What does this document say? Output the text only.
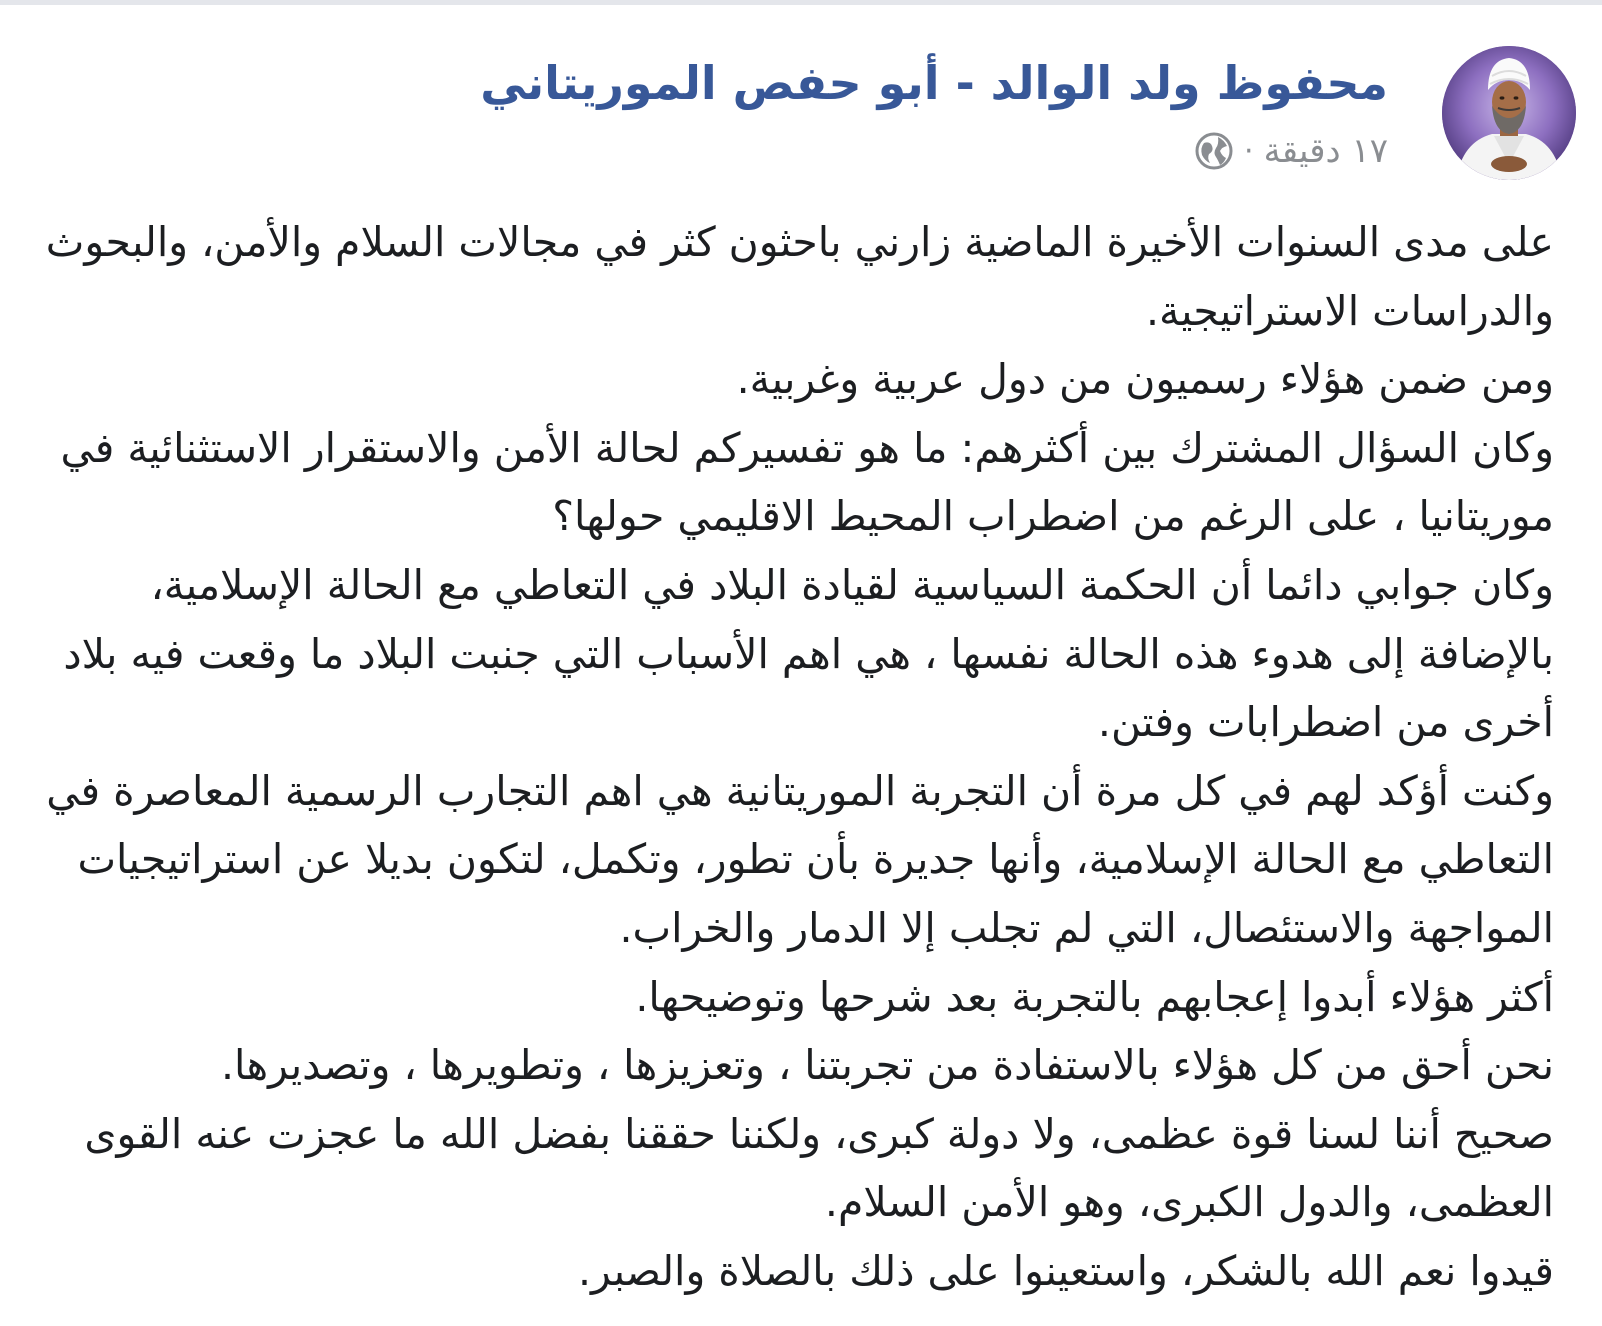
محفوظ ولد الوالد - أبو حفص الموريتاني
١٧ دقيقة
·
على مدى السنوات الأخيرة الماضية زارني باحثون كثر في مجالات السلام والأمن، والبحوث
والدراسات الاستراتيجية.
ومن ضمن هؤلاء رسميون من دول عربية وغربية.
وكان السؤال المشترك بين أكثرهم: ما هو تفسيركم لحالة الأمن والاستقرار الاستثنائية في
موريتانيا ، على الرغم من اضطراب المحيط الاقليمي حولها؟
وكان جوابي دائما أن الحكمة السياسية لقيادة البلاد في التعاطي مع الحالة الإسلامية،
بالإضافة إلى هدوء هذه الحالة نفسها ، هي اهم الأسباب التي جنبت البلاد ما وقعت فيه بلاد
أخرى من اضطرابات وفتن.
وكنت أؤكد لهم في كل مرة أن التجربة الموريتانية هي اهم التجارب الرسمية المعاصرة في
التعاطي مع الحالة الإسلامية، وأنها جديرة بأن تطور، وتكمل، لتكون بديلا عن استراتيجيات
المواجهة والاستئصال، التي لم تجلب إلا الدمار والخراب.
أكثر هؤلاء أبدوا إعجابهم بالتجربة بعد شرحها وتوضيحها.
نحن أحق من كل هؤلاء بالاستفادة من تجربتنا ، وتعزيزها ، وتطويرها ، وتصديرها.
صحيح أننا لسنا قوة عظمى، ولا دولة كبرى، ولكننا حققنا بفضل الله ما عجزت عنه القوى
العظمى، والدول الكبرى، وهو الأمن السلام.
قيدوا نعم الله بالشكر، واستعينوا على ذلك بالصلاة والصبر.
